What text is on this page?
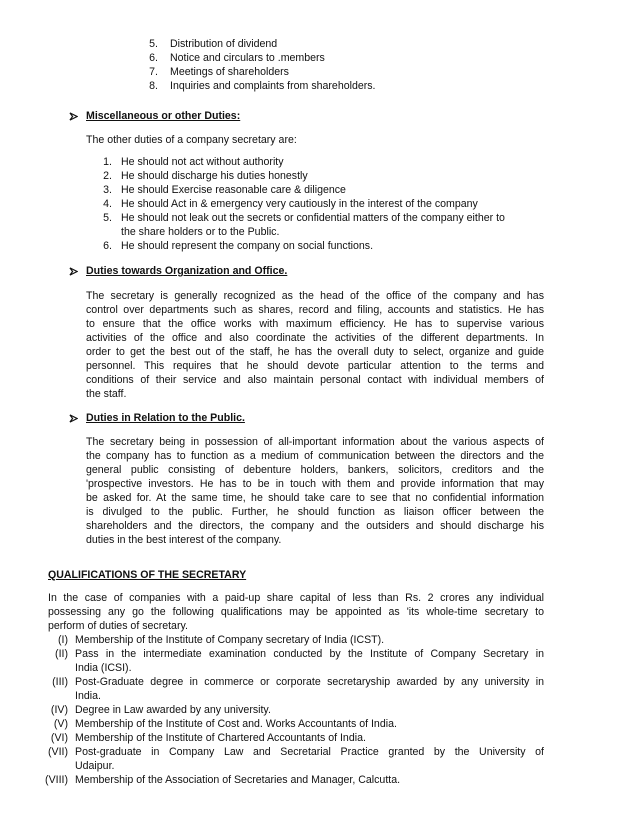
5. Distribution of dividend
6. Notice and circulars to .members
7. Meetings of shareholders
8. Inquiries and complaints from shareholders.
Miscellaneous or other Duties:
The other duties of a company secretary are:
1. He should not act without authority
2. He should discharge his duties honestly
3. He should Exercise reasonable care & diligence
4. He should Act in & emergency very cautiously in the interest of the company
5. He should not leak out the secrets or confidential matters of the company either to
the share holders or to the Public.
6. He should represent the company on social functions.
Duties towards Organization and Office.
The secretary is generally recognized as the head of the office of the company and has
control over departments such as shares, record and filing, accounts and statistics. He has
to ensure that the office works with maximum efficiency. He has to supervise various
activities of the office and also coordinate the activities of the different departments. In
order to get the best out of the staff, he has the overall duty to select, organize and guide
personnel. This requires that he should devote particular attention to the terms and
conditions of their service and also maintain personal contact with individual members of
the staff.
Duties in Relation to the Public.
The secretary being in possession of all-important information about the various aspects of
the company has to function as a medium of communication between the directors and the
general public consisting of debenture holders, bankers, solicitors, creditors and the
'prospective investors. He has to be in touch with them and provide information that may
be asked for. At the same time, he should take care to see that no confidential information
is divulged to the public. Further, he should function as liaison officer between the
shareholders and the directors, the company and the outsiders and should discharge his
duties in the best interest of the company.
QUALIFICATIONS OF THE SECRETARY
In the case of companies with a paid-up share capital of less than Rs. 2 crores any individual
possessing any go the following qualifications may be appointed as 'its whole-time secretary to
perform of duties of secretary.
(I) Membership of the Institute of Company secretary of India (ICST).
(II) Pass in the intermediate examination conducted by the Institute of Company Secretary in
India (ICSI).
(III) Post-Graduate degree in commerce or corporate secretaryship awarded by any university in
India.
(IV) Degree in Law awarded by any university.
(V) Membership of the Institute of Cost and. Works Accountants of India.
(VI) Membership of the Institute of Chartered Accountants of India.
(VII) Post-graduate in Company Law and Secretarial Practice granted by the University of
Udaipur.
(VIII) Membership of the Association of Secretaries and Manager, Calcutta.
